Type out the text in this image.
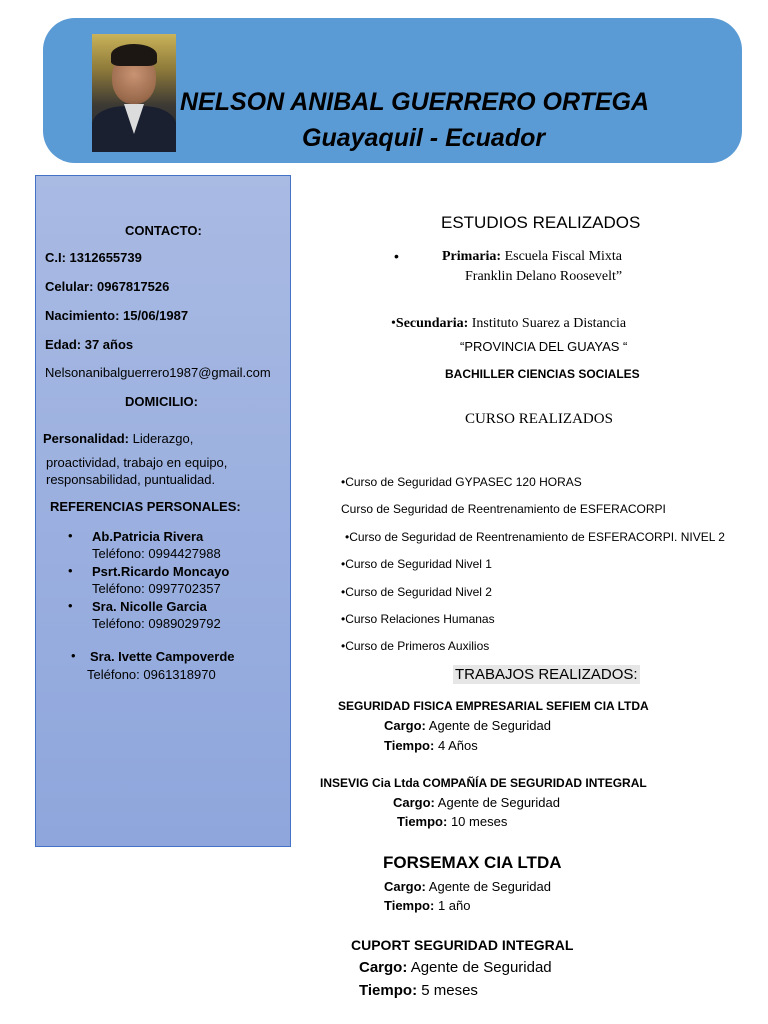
NELSON ANIBAL GUERRERO ORTEGA
Guayaquil - Ecuador
CONTACTO:
C.I: 1312655739
Celular: 0967817526
Nacimiento: 15/06/1987
Edad: 37 años
Nelsonanibalguerrero1987@gmail.com
DOMICILIO:
Personalidad: Liderazgo,
proactividad, trabajo en equipo,
responsabilidad, puntualidad.
REFERENCIAS PERSONALES:
• Ab.Patricia Rivera
Teléfono: 0994427988
• Psrt.Ricardo Moncayo
Teléfono: 0997702357
• Sra. Nicolle Garcia
Teléfono: 0989029792
• Sra. Ivette Campoverde
Teléfono: 0961318970
ESTUDIOS REALIZADOS
•	Primaria: Escuela Fiscal Mixta
Franklin Delano Roosevelt”
•Secundaria: Instituto Suarez a Distancia
“PROVINCIA DEL GUAYAS “
BACHILLER CIENCIAS SOCIALES
CURSO REALIZADOS
•Curso de Seguridad GYPASEC 120 HORAS
Curso de Seguridad de Reentrenamiento de ESFERACORPI
•Curso de Seguridad de Reentrenamiento de ESFERACORPI. NIVEL 2
•Curso de Seguridad Nivel 1
•Curso de Seguridad Nivel 2
•Curso Relaciones Humanas
•Curso de Primeros Auxilios
TRABAJOS REALIZADOS:
SEGURIDAD FISICA EMPRESARIAL SEFIEM CIA LTDA
Cargo: Agente de Seguridad
Tiempo: 4 Años
INSEVIG Cia Ltda COMPAÑÍA DE SEGURIDAD INTEGRAL
Cargo: Agente de Seguridad
Tiempo: 10 meses
FORSEMAX CIA LTDA
Cargo: Agente de Seguridad
Tiempo: 1 año
CUPORT SEGURIDAD INTEGRAL
Cargo: Agente de Seguridad
Tiempo: 5 meses
